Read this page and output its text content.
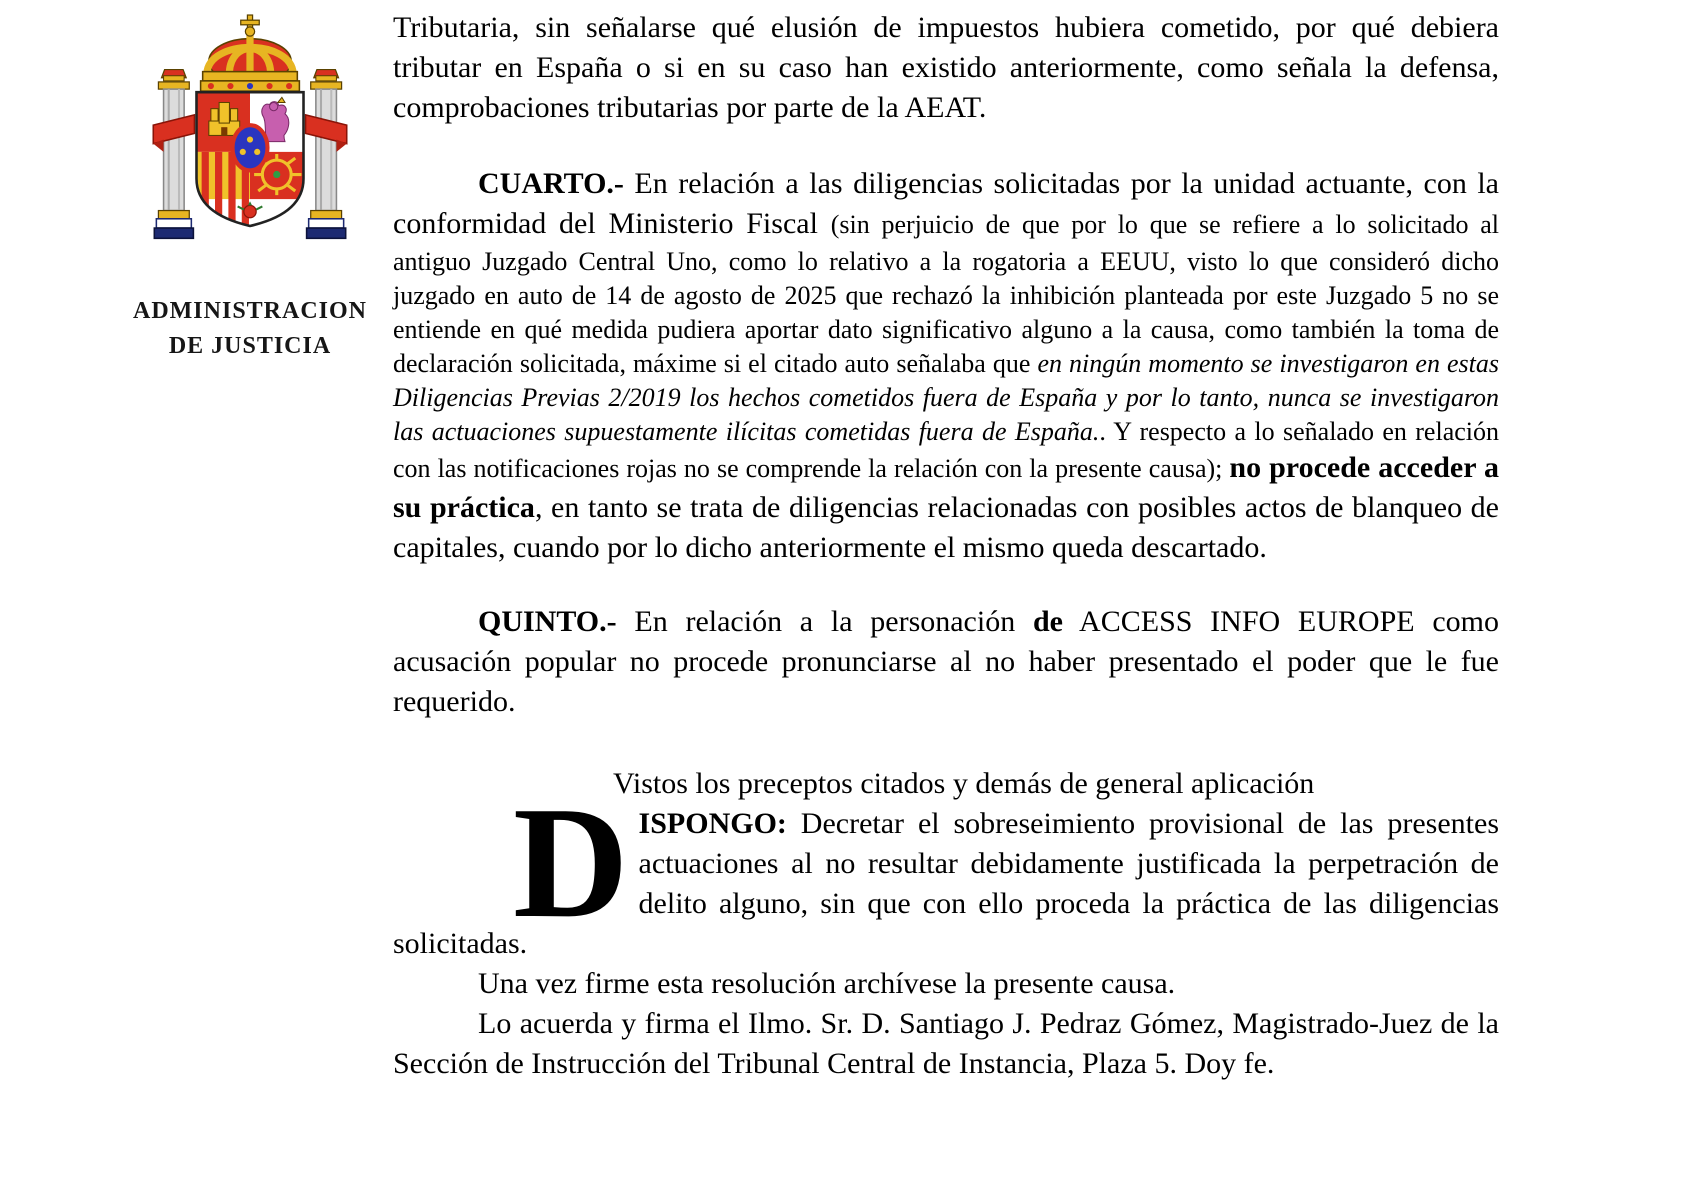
ADMINISTRACION
DE JUSTICIA

Tributaria, sin señalarse qué elusión de impuestos hubiera cometido, por qué debiera tributar en España o si en su caso han existido anteriormente, como señala la defensa, comprobaciones tributarias por parte de la AEAT.

CUARTO.- En relación a las diligencias solicitadas por la unidad actuante, con la conformidad del Ministerio Fiscal (sin perjuicio de que por lo que se refiere a lo solicitado al antiguo Juzgado Central Uno, como lo relativo a la rogatoria a EEUU, visto lo que consideró dicho juzgado en auto de 14 de agosto de 2025 que rechazó la inhibición planteada por este Juzgado 5 no se entiende en qué medida pudiera aportar dato significativo alguno a la causa, como también la toma de declaración solicitada, máxime si el citado auto señalaba que en ningún momento se investigaron en estas Diligencias Previas 2/2019 los hechos cometidos fuera de España y por lo tanto, nunca se investigaron las actuaciones supuestamente ilícitas cometidas fuera de España.. Y respecto a lo señalado en relación con las notificaciones rojas no se comprende la relación con la presente causa); no procede acceder a su práctica, en tanto se trata de diligencias relacionadas con posibles actos de blanqueo de capitales, cuando por lo dicho anteriormente el mismo queda descartado.

QUINTO.- En relación a la personación de ACCESS INFO EUROPE como acusación popular no procede pronunciarse al no haber presentado el poder que le fue requerido.

Vistos los preceptos citados y demás de general aplicación

DISPONGO: Decretar el sobreseimiento provisional de las presentes actuaciones al no resultar debidamente justificada la perpetración de delito alguno, sin que con ello proceda la práctica de las diligencias solicitadas.

Una vez firme esta resolución archívese la presente causa.

Lo acuerda y firma el Ilmo. Sr. D. Santiago J. Pedraz Gómez, Magistrado-Juez de la Sección de Instrucción del Tribunal Central de Instancia, Plaza 5. Doy fe.
